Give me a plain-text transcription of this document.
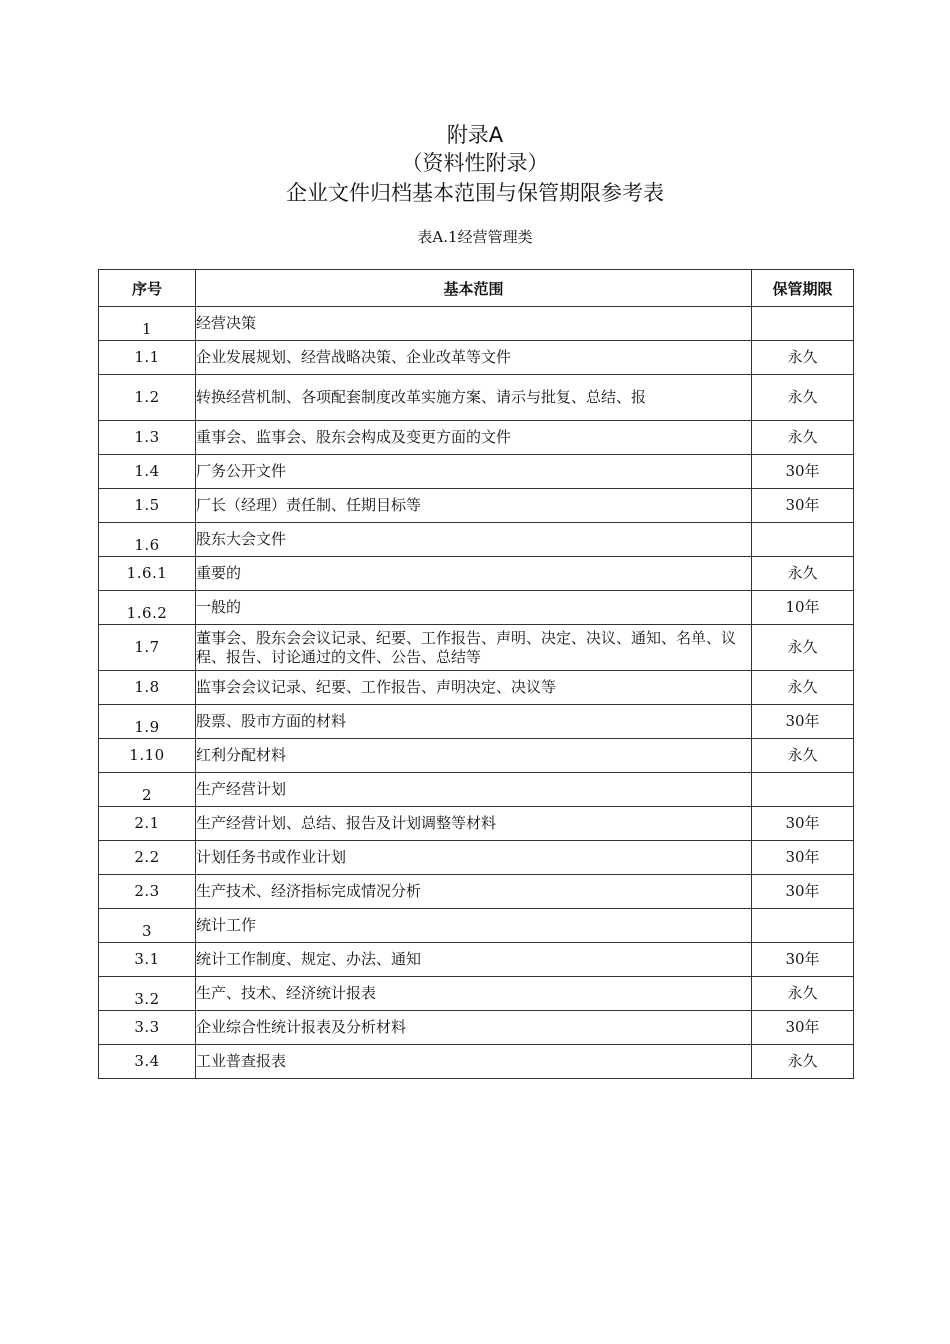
附录A
（资料性附录）
企业文件归档基本范围与保管期限参考表
表A.1经营管理类
序号	基本范围	保管期限
1	经营决策	
1.1	企业发展规划、经营战略决策、企业改革等文件	永久
1.2	转换经营机制、各项配套制度改革实施方案、请示与批复、总结、报	永久
1.3	重事会、监事会、股东会构成及变更方面的文件	永久
1.4	厂务公开文件	30年
1.5	厂长（经理）责任制、任期目标等	30年
1.6	股东大会文件	
1.6.1	重要的	永久
1.6.2	一般的	10年
1.7	董事会、股东会会议记录、纪要、工作报告、声明、决定、决议、通知、名单、议程、报告、讨论通过的文件、公告、总结等	永久
1.8	监事会会议记录、纪要、工作报告、声明决定、决议等	永久
1.9	股票、股市方面的材料	30年
1.10	红利分配材料	永久
2	生产经营计划	
2.1	生产经营计划、总结、报告及计划调整等材料	30年
2.2	计划任务书或作业计划	30年
2.3	生产技术、经济指标完成情况分析	30年
3	统计工作	
3.1	统计工作制度、规定、办法、通知	30年
3.2	生产、技术、经济统计报表	永久
3.3	企业综合性统计报表及分析材料	30年
3.4	工业普查报表	永久
